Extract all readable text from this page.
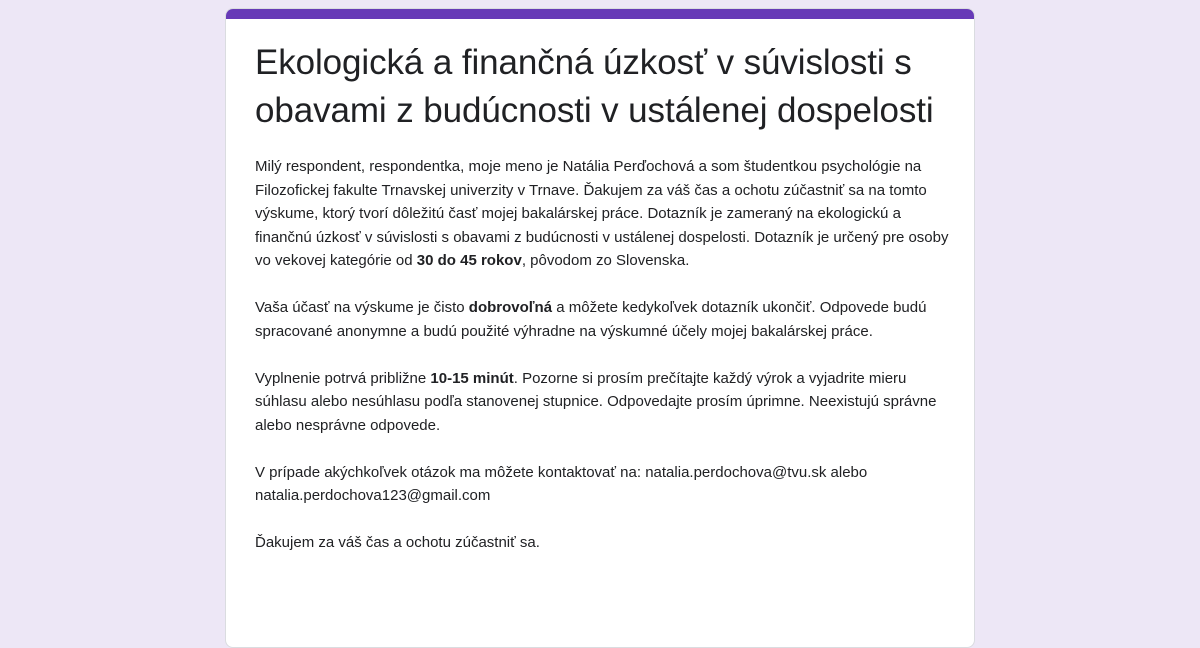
Ekologická a finančná úzkosť v súvislosti s obavami z budúcnosti v ustálenej dospelosti

Milý respondent, respondentka, moje meno je Natália Perďochová a som študentkou psychológie na Filozofickej fakulte Trnavskej univerzity v Trnave. Ďakujem za váš čas a ochotu zúčastniť sa na tomto výskume, ktorý tvorí dôležitú časť mojej bakalárskej práce. Dotazník je zameraný na ekologickú a finančnú úzkosť v súvislosti s obavami z budúcnosti v ustálenej dospelosti. Dotazník je určený pre osoby vo vekovej kategórie od 30 do 45 rokov, pôvodom zo Slovenska.

Vaša účasť na výskume je čisto dobrovoľná a môžete kedykoľvek dotazník ukončiť. Odpovede budú spracované anonymne a budú použité výhradne na výskumné účely mojej bakalárskej práce.

Vyplnenie potrvá približne 10-15 minút. Pozorne si prosím prečítajte každý výrok a vyjadrite mieru súhlasu alebo nesúhlasu podľa stanovenej stupnice. Odpovedajte prosím úprimne. Neexistujú správne alebo nesprávne odpovede.

V prípade akýchkoľvek otázok ma môžete kontaktovať na: natalia.perdochova@tvu.sk alebo natalia.perdochova123@gmail.com

Ďakujem za váš čas a ochotu zúčastniť sa.
